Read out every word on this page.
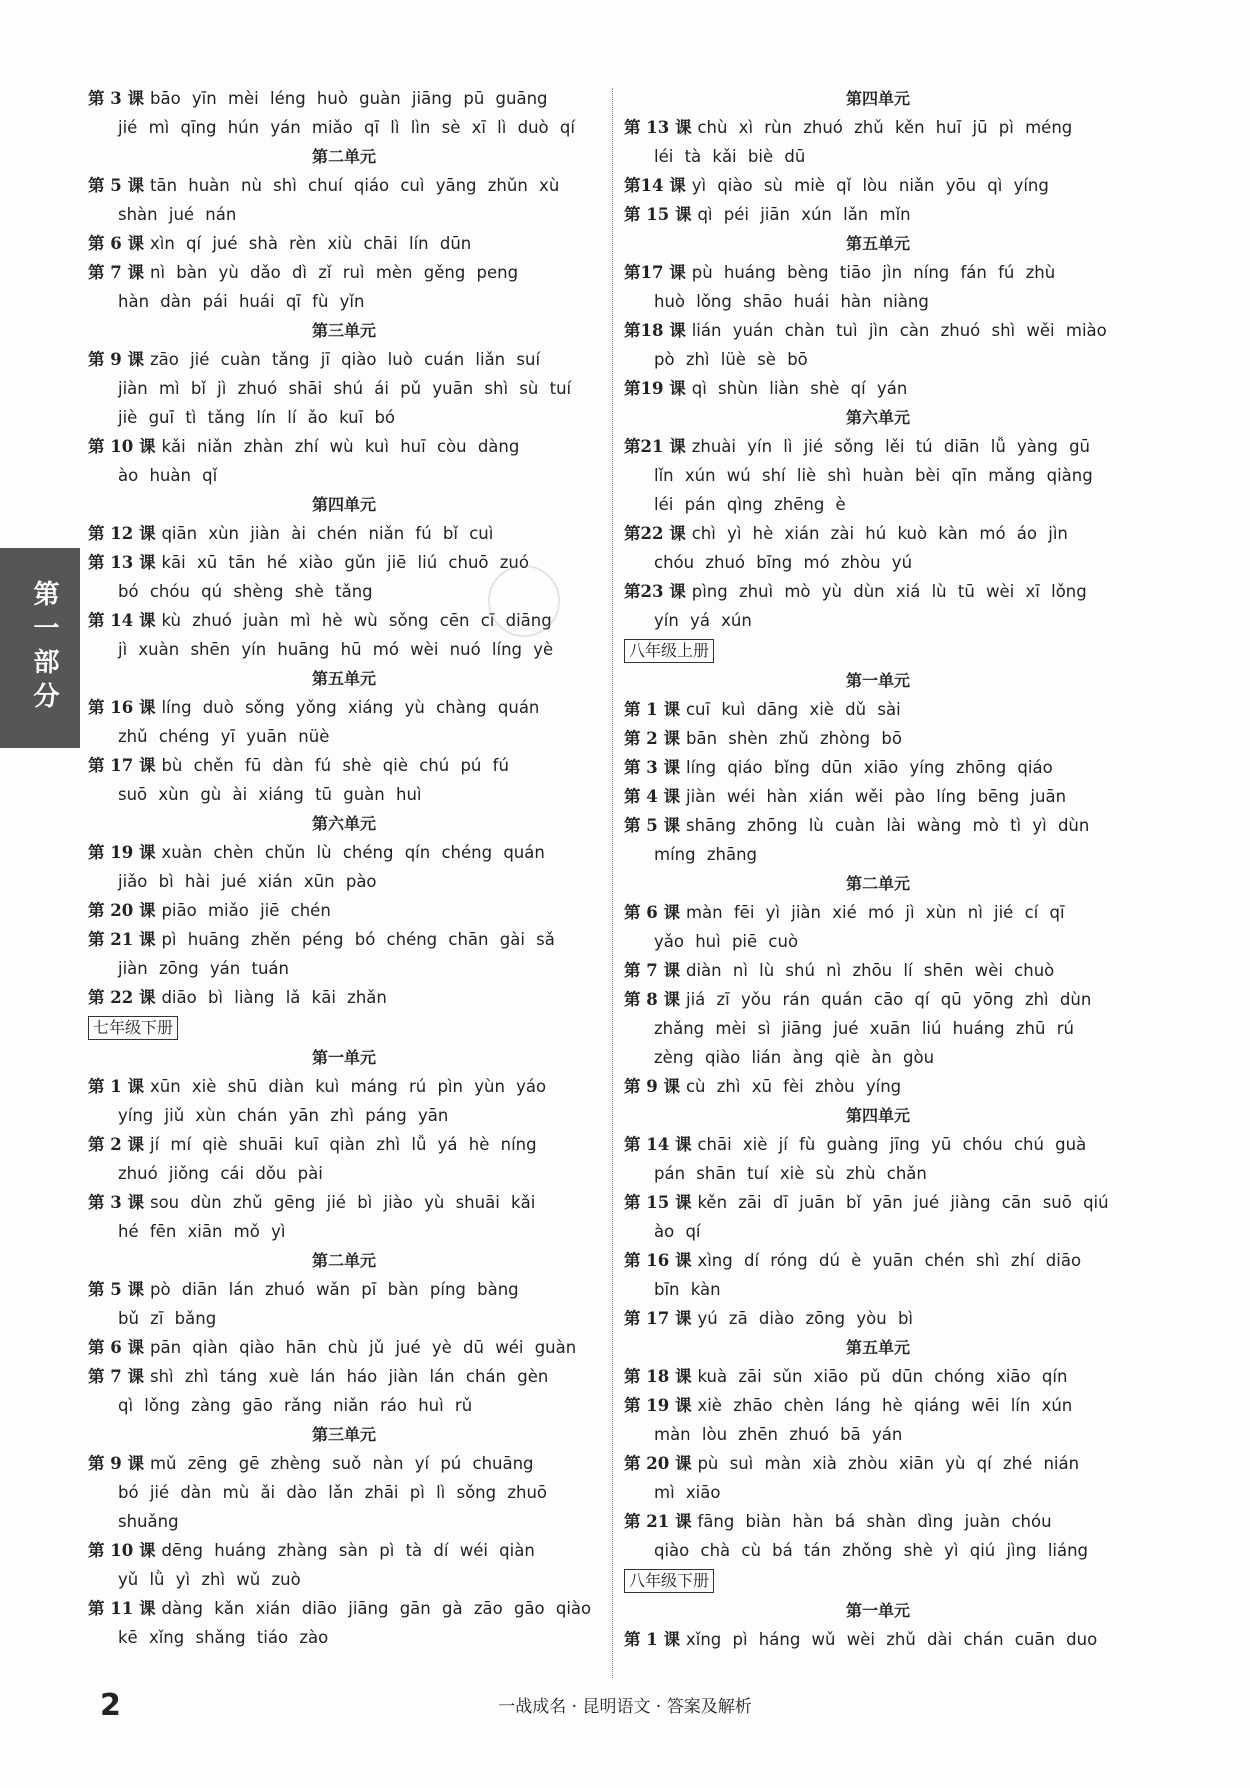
第 3 课 bāo yīn mèi léng huò guàn jiāng pū guāng
jié mì qīng hún yán miǎo qī lì lìn sè xī lì duò qí
第二单元
第 5 课 tān huàn nù shì chuí qiáo cuì yāng zhǔn xù
shàn jué nán
第 6 课 xìn qí jué shà rèn xiù chāi lín dūn
第 7 课 nì bàn yù dǎo dì zǐ ruì mèn gěng peng
hàn dàn pái huái qī fù yǐn
第三单元
第 9 课 zāo jié cuàn tǎng jī qiào luò cuán liǎn suí
jiàn mì bǐ jì zhuó shāi shú ái pǔ yuān shì sù tuí
jiè guī tì tǎng lín lí ǎo kuī bó
第 10 课 kǎi niǎn zhàn zhí wù kuì huī còu dàng
ào huàn qǐ
第四单元
第 12 课 qiān xùn jiàn ài chén niǎn fú bǐ cuì
第 13 课 kāi xū tān hé xiào gǔn jiē liú chuō zuó
bó chóu qú shèng shè tǎng
第 14 课 kù zhuó juàn mì hè wù sǒng cēn cī diāng
jì xuàn shēn yín huāng hū mó wèi nuó líng yè
第五单元
第 16 课 líng duò sǒng yǒng xiáng yù chàng quán
zhǔ chéng yī yuān nüè
第 17 课 bù chěn fū dàn fú shè qiè chú pú fú
suō xùn gù ài xiáng tū guàn huì
第六单元
第 19 课 xuàn chèn chǔn lù chéng qín chéng quán
jiǎo bì hài jué xián xūn pào
第 20 课 piāo miǎo jiē chén
第 21 课 pì huāng zhěn péng bó chéng chān gài sǎ
jiàn zōng yán tuán
第 22 课 diāo bì liàng lǎ kāi zhǎn
七年级下册
第一单元
第 1 课 xūn xiè shū diàn kuì máng rú pìn yùn yáo
yíng jiǔ xùn chán yān zhì páng yān
第 2 课 jí mí qiè shuāi kuī qiàn zhì lǚ yá hè níng
zhuó jiǒng cái dǒu pài
第 3 课 sou dùn zhǔ gēng jié bì jiào yù shuāi kǎi
hé fēn xiān mǒ yì
第二单元
第 5 课 pò diān lán zhuó wǎn pī bàn píng bàng
bǔ zī bǎng
第 6 课 pān qiàn qiào hān chù jǔ jué yè dū wéi guàn
第 7 课 shì zhì táng xuè lán háo jiàn lán chán gèn
qì lǒng zàng gāo rǎng niǎn ráo huì rǔ
第三单元
第 9 课 mǔ zēng gē zhèng suǒ nàn yí pú chuāng
bó jié dàn mù ǎi dào lǎn zhāi pì lì sǒng zhuō
shuǎng
第 10 课 dēng huáng zhàng sàn pì tà dí wéi qiàn
yǔ lǜ yì zhì wǔ zuò
第 11 课 dàng kǎn xián diāo jiāng gān gà zāo gāo qiào
kē xǐng shǎng tiáo zào
第四单元
第 13 课 chù xì rùn zhuó zhǔ kěn huī jū pì méng
léi tà kǎi biè dū
第14 课 yì qiào sù miè qǐ lòu niǎn yōu qì yíng
第 15 课 qì péi jiān xún lǎn mǐn
第五单元
第17 课 pù huáng bèng tiāo jìn níng fán fú zhù
huò lǒng shāo huái hàn niàng
第18 课 lián yuán chàn tuì jìn càn zhuó shì wěi miào
pò zhì lüè sè bō
第19 课 qì shùn liàn shè qí yán
第六单元
第21 课 zhuài yín lì jié sǒng lěi tú diān lǚ yàng gū
lǐn xún wú shí liè shì huàn bèi qīn mǎng qiàng
léi pán qìng zhēng è
第22 课 chì yì hè xián zài hú kuò kàn mó áo jìn
chóu zhuó bīng mó zhòu yú
第23 课 pìng zhuì mò yù dùn xiá lù tū wèi xī lǒng
yín yá xún
八年级上册
第一单元
第 1 课 cuī kuì dāng xiè dǔ sài
第 2 课 bān shèn zhǔ zhòng bō
第 3 课 líng qiáo bǐng dūn xiāo yíng zhōng qiáo
第 4 课 jiàn wéi hàn xián wěi pào líng bēng juān
第 5 课 shāng zhōng lù cuàn lài wàng mò tì yì dùn
míng zhāng
第二单元
第 6 课 màn fēi yì jiàn xié mó jì xùn nì jié cí qī
yǎo huì piē cuò
第 7 课 diàn nì lù shú nì zhōu lí shēn wèi chuò
第 8 课 jiá zī yǒu rán quán cāo qí qū yōng zhì dùn
zhǎng mèi sì jiāng jué xuān liú huáng zhū rú
zèng qiào lián àng qiè àn gòu
第 9 课 cù zhì xū fèi zhòu yíng
第四单元
第 14 课 chāi xiè jí fù guàng jīng yū chóu chú guà
pán shān tuí xiè sù zhù chǎn
第 15 课 kěn zāi dī juān bǐ yān jué jiàng cān suō qiú
ào qí
第 16 课 xìng dí róng dú è yuān chén shì zhí diāo
bīn kàn
第 17 课 yú zā diào zōng yòu bì
第五单元
第 18 课 kuà zāi sǔn xiāo pǔ dūn chóng xiāo qín
第 19 课 xiè zhāo chèn láng hè qiáng wēi lín xún
màn lòu zhēn zhuó bā yán
第 20 课 pù suì màn xià zhòu xiān yù qí zhé nián
mì xiāo
第 21 课 fāng biàn hàn bá shàn dìng juàn chóu
qiào chà cù bá tán zhǒng shè yì qiú jìng liáng
八年级下册
第一单元
第 1 课 xǐng pì háng wǔ wèi zhǔ dài chán cuān duo
第一部分
2	一战成名 · 昆明语文 · 答案及解析
